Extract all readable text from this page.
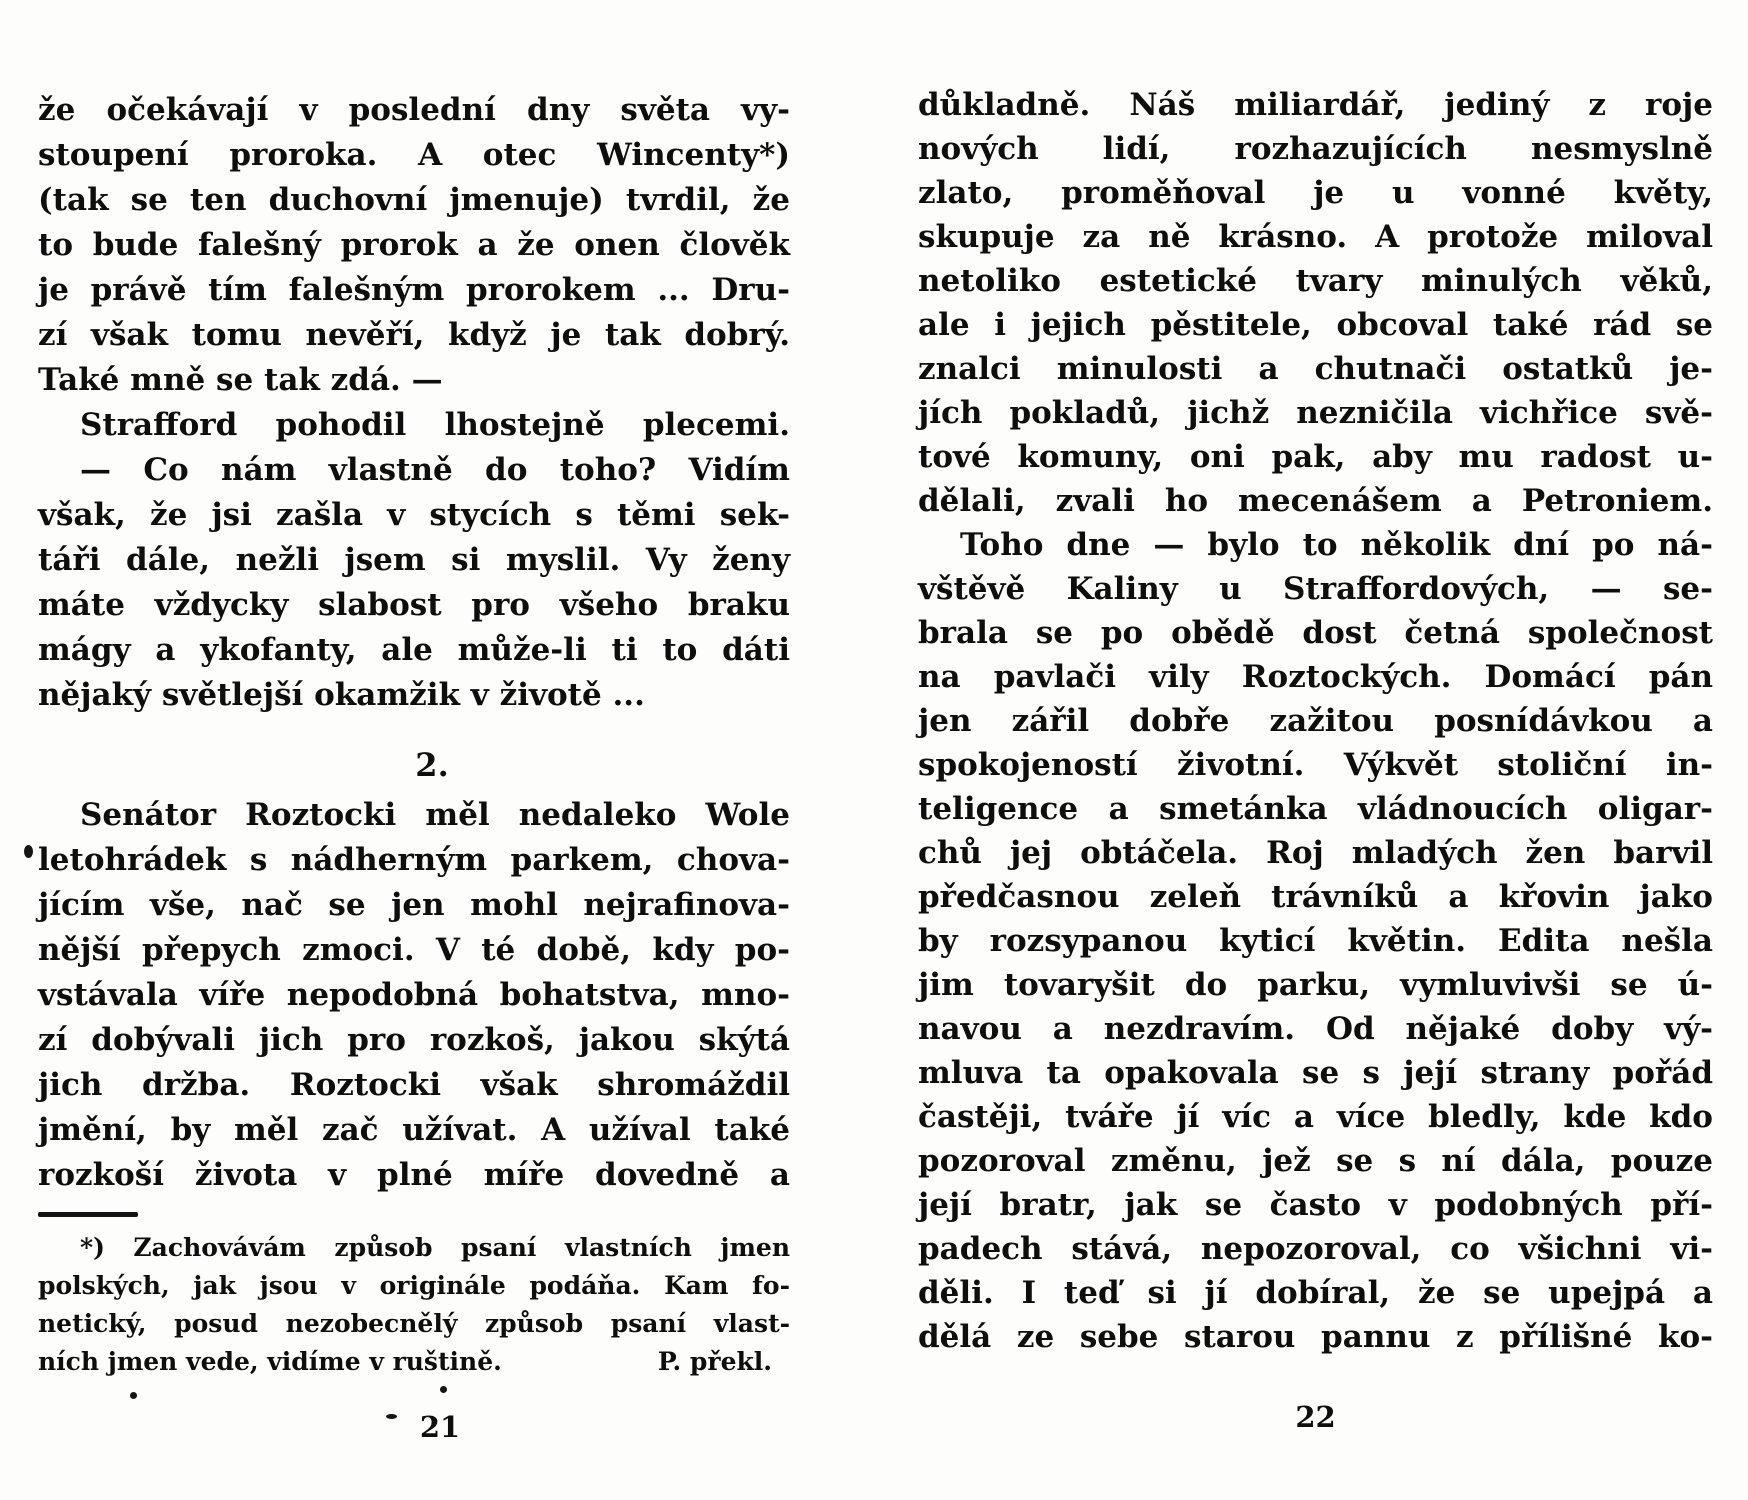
že očekávají v poslední dny světa vy-
stoupení proroka. A otec Wincenty*)
(tak se ten duchovní jmenuje) tvrdil, že
to bude falešný prorok a že onen člověk
je právě tím falešným prorokem ... Dru-
zí však tomu nevěří, když je tak dobrý.
Také mně se tak zdá. —
Strafford pohodil lhostejně plecemi.
— Co nám vlastně do toho? Vidím
však, že jsi zašla v stycích s těmi sek-
táři dále, nežli jsem si myslil. Vy ženy
máte vždycky slabost pro všeho braku
mágy a ykofanty, ale může-li ti to dáti
nějaký světlejší okamžik v životě ...
2.
Senátor Roztocki měl nedaleko Wole
letohrádek s nádherným parkem, chova-
jícím vše, nač se jen mohl nejrafinova-
nější přepych zmoci. V té době, kdy po-
vstávala víře nepodobná bohatstva, mno-
zí dobývali jich pro rozkoš, jakou skýtá
jich držba. Roztocki však shromáždil
jmění, by měl zač užívat. A užíval také
rozkoší života v plné míře dovedně a
*) Zachovávám způsob psaní vlastních jmen
polských, jak jsou v originále podáňa. Kam fo-
netický, posud nezobecnělý způsob psaní vlast-
ních jmen vede, vidíme v ruštině.	P. překl.
21
důkladně. Náš miliardář, jediný z roje
nových lidí, rozhazujících nesmyslně
zlato, proměňoval je u vonné květy,
skupuje za ně krásno. A protože miloval
netoliko estetické tvary minulých věků,
ale i jejich pěstitele, obcoval také rád se
znalci minulosti a chutnači ostatků je-
jích pokladů, jichž nezničila vichřice svě-
tové komuny, oni pak, aby mu radost u-
dělali, zvali ho mecenášem a Petroniem.
Toho dne — bylo to několik dní po ná-
vštěvě Kaliny u Straffordových, — se-
brala se po obědě dost četná společnost
na pavlači vily Roztockých. Domácí pán
jen zářil dobře zažitou posnídávkou a
spokojeností životní. Výkvět stoliční in-
teligence a smetánka vládnoucích oligar-
chů jej obtáčela. Roj mladých žen barvil
předčasnou zeleň trávníků a křovin jako
by rozsypanou kyticí květin. Edita nešla
jim tovaryšit do parku, vymluvivši se ú-
navou a nezdravím. Od nějaké doby vý-
mluva ta opakovala se s její strany pořád
častěji, tváře jí víc a více bledly, kde kdo
pozoroval změnu, jež se s ní dála, pouze
její bratr, jak se často v podobných pří-
padech stává, nepozoroval, co všichni vi-
děli. I teď si jí dobíral, že se upejpá a
dělá ze sebe starou pannu z přílišné ko-
22
